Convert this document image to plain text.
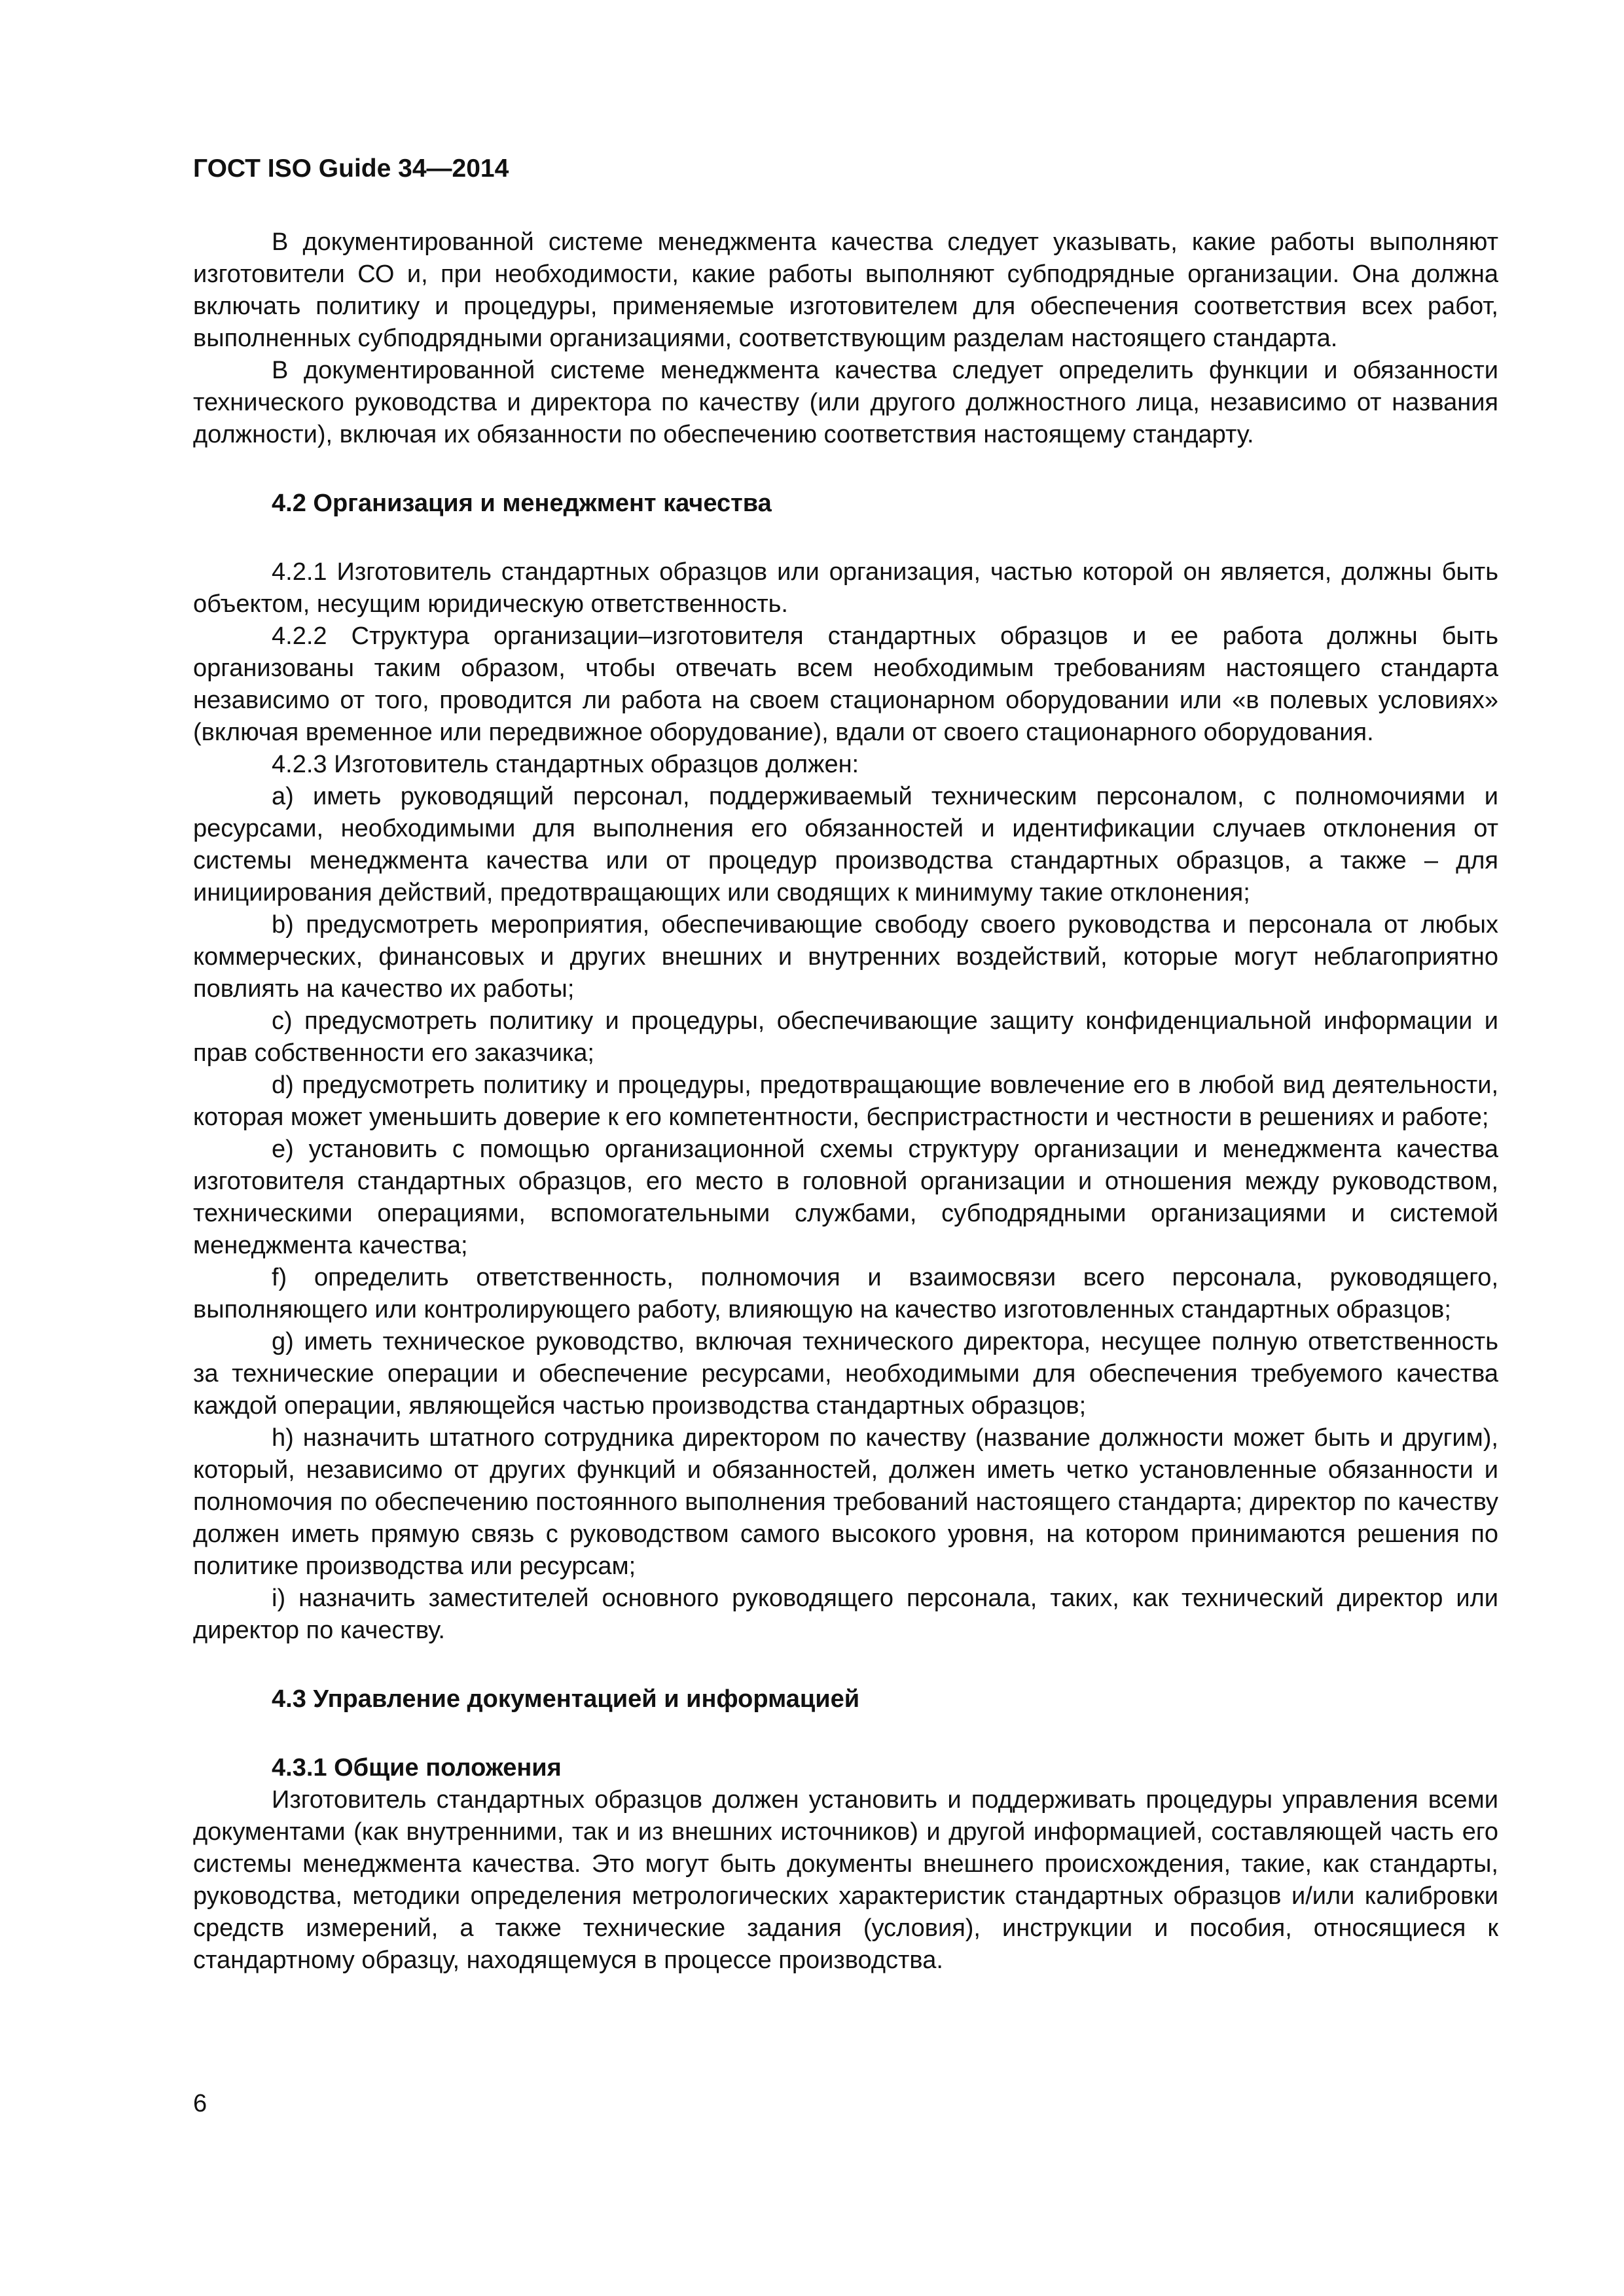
ГОСТ ISO Guide 34—2014

В документированной системе менеджмента качества следует указывать, какие работы выполняют изготовители СО и, при необходимости, какие работы выполняют субподрядные организации. Она должна включать политику и процедуры, применяемые изготовителем для обеспечения соответствия всех работ, выполненных субподрядными организациями, соответствующим разделам настоящего стандарта.

В документированной системе менеджмента качества следует определить функции и обязанности технического руководства и директора по качеству (или другого должностного лица, независимо от названия должности), включая их обязанности по обеспечению соответствия настоящему стандарту.

4.2 Организация и менеджмент качества

4.2.1 Изготовитель стандартных образцов или организация, частью которой он является, должны быть объектом, несущим юридическую ответственность.

4.2.2 Структура организации–изготовителя стандартных образцов и ее работа должны быть организованы таким образом, чтобы отвечать всем необходимым требованиям настоящего стандарта независимо от того, проводится ли работа на своем стационарном оборудовании или «в полевых условиях» (включая временное или передвижное оборудование), вдали от своего стационарного оборудования.

4.2.3 Изготовитель стандартных образцов должен:

a) иметь руководящий персонал, поддерживаемый техническим персоналом, с полномочиями и ресурсами, необходимыми для выполнения его обязанностей и идентификации случаев отклонения от системы менеджмента качества или от процедур производства стандартных образцов, а также – для инициирования действий, предотвращающих или сводящих к минимуму такие отклонения;

b) предусмотреть мероприятия, обеспечивающие свободу своего руководства и персонала от любых коммерческих, финансовых и других внешних и внутренних воздействий, которые могут неблагоприятно повлиять на качество их работы;

c) предусмотреть политику и процедуры, обеспечивающие защиту конфиденциальной информации и прав собственности его заказчика;

d) предусмотреть политику и процедуры, предотвращающие вовлечение его в любой вид деятельности, которая может уменьшить доверие к его компетентности, беспристрастности и честности в решениях и работе;

e) установить с помощью организационной схемы структуру организации и менеджмента качества изготовителя стандартных образцов, его место в головной организации и отношения между руководством, техническими операциями, вспомогательными службами, субподрядными организациями и системой менеджмента качества;

f) определить ответственность, полномочия и взаимосвязи всего персонала, руководящего, выполняющего или контролирующего работу, влияющую на качество изготовленных стандартных образцов;

g) иметь техническое руководство, включая технического директора, несущее полную ответственность за технические операции и обеспечение ресурсами, необходимыми для обеспечения требуемого качества каждой операции, являющейся частью производства стандартных образцов;

h) назначить штатного сотрудника директором по качеству (название должности может быть и другим), который, независимо от других функций и обязанностей, должен иметь четко установленные обязанности и полномочия по обеспечению постоянного выполнения требований настоящего стандарта; директор по качеству должен иметь прямую связь с руководством самого высокого уровня, на котором принимаются решения по политике производства или ресурсам;

i) назначить заместителей основного руководящего персонала, таких, как технический директор или директор по качеству.

4.3 Управление документацией и информацией
4.3.1 Общие положения

Изготовитель стандартных образцов должен установить и поддерживать процедуры управления всеми документами (как внутренними, так и из внешних источников) и другой информацией, составляющей часть его системы менеджмента качества. Это могут быть документы внешнего происхождения, такие, как стандарты, руководства, методики определения метрологических характеристик стандартных образцов и/или калибровки средств измерений, а также технические задания (условия), инструкции и пособия, относящиеся к стандартному образцу, находящемуся в процессе производства.

6
